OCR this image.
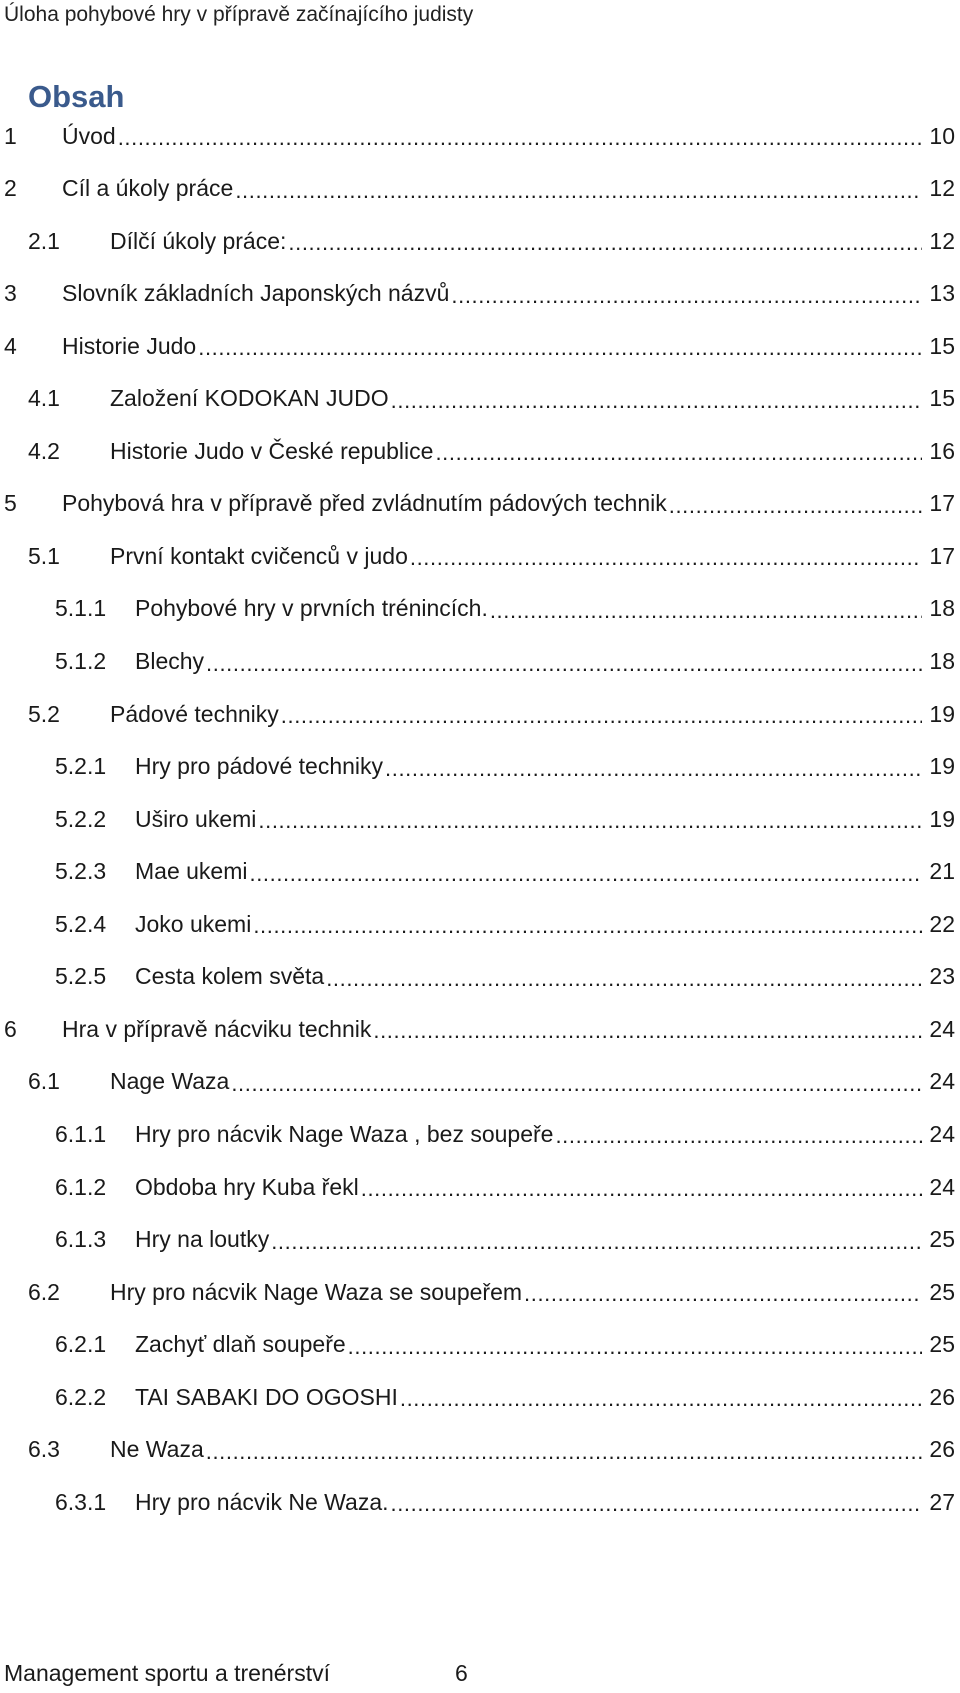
Úloha pohybové hry v přípravě začínajícího judisty
Obsah
1	Úvod .....	10
2	Cíl a úkoly práce .....	12
2.1	Dílčí úkoly práce: .....	12
3	Slovník základních Japonských názvů .....	13
4	Historie Judo .....	15
4.1	Založení KODOKAN JUDO .....	15
4.2	Historie Judo v České republice .....	16
5	Pohybová hra v přípravě před zvládnutím pádových technik .....	17
5.1	První kontakt cvičenců v judo .....	17
5.1.1	Pohybové hry v prvních trénincích. .....	18
5.1.2	Blechy .....	18
5.2	Pádové techniky .....	19
5.2.1	Hry pro pádové techniky .....	19
5.2.2	Uširo ukemi .....	19
5.2.3	Mae ukemi .....	21
5.2.4	Joko ukemi .....	22
5.2.5	Cesta kolem světa .....	23
6	Hra v přípravě nácviku technik .....	24
6.1	Nage Waza .....	24
6.1.1	Hry pro nácvik Nage Waza , bez soupeře .....	24
6.1.2	Obdoba hry Kuba řekl .....	24
6.1.3	Hry na loutky .....	25
6.2	Hry pro nácvik Nage Waza se soupeřem .....	25
6.2.1	Zachyť dlaň soupeře .....	25
6.2.2	TAI SABAKI DO OGOSHI .....	26
6.3	Ne Waza .....	26
6.3.1	Hry pro nácvik Ne Waza. .....	27
Management sportu a trenérství	6
